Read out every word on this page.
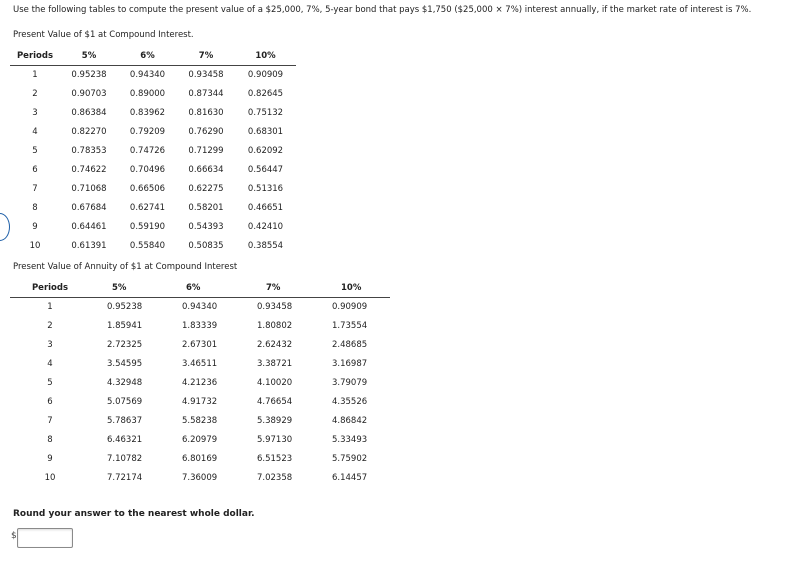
Use the following tables to compute the present value of a $25,000, 7%, 5-year bond that pays $1,750 ($25,000 × 7%) interest annually, if the market rate of interest is 7%.

Present Value of $1 at Compound Interest.

Periods	5%	6%	7%	10%
1	0.95238	0.94340	0.93458	0.90909
2	0.90703	0.89000	0.87344	0.82645
3	0.86384	0.83962	0.81630	0.75132
4	0.82270	0.79209	0.76290	0.68301
5	0.78353	0.74726	0.71299	0.62092
6	0.74622	0.70496	0.66634	0.56447
7	0.71068	0.66506	0.62275	0.51316
8	0.67684	0.62741	0.58201	0.46651
9	0.64461	0.59190	0.54393	0.42410
10	0.61391	0.55840	0.50835	0.38554

Present Value of Annuity of $1 at Compound Interest

Periods	5%	6%	7%	10%
1	0.95238	0.94340	0.93458	0.90909
2	1.85941	1.83339	1.80802	1.73554
3	2.72325	2.67301	2.62432	2.48685
4	3.54595	3.46511	3.38721	3.16987
5	4.32948	4.21236	4.10020	3.79079
6	5.07569	4.91732	4.76654	4.35526
7	5.78637	5.58238	5.38929	4.86842
8	6.46321	6.20979	5.97130	5.33493
9	7.10782	6.80169	6.51523	5.75902
10	7.72174	7.36009	7.02358	6.14457

Round your answer to the nearest whole dollar.

$
